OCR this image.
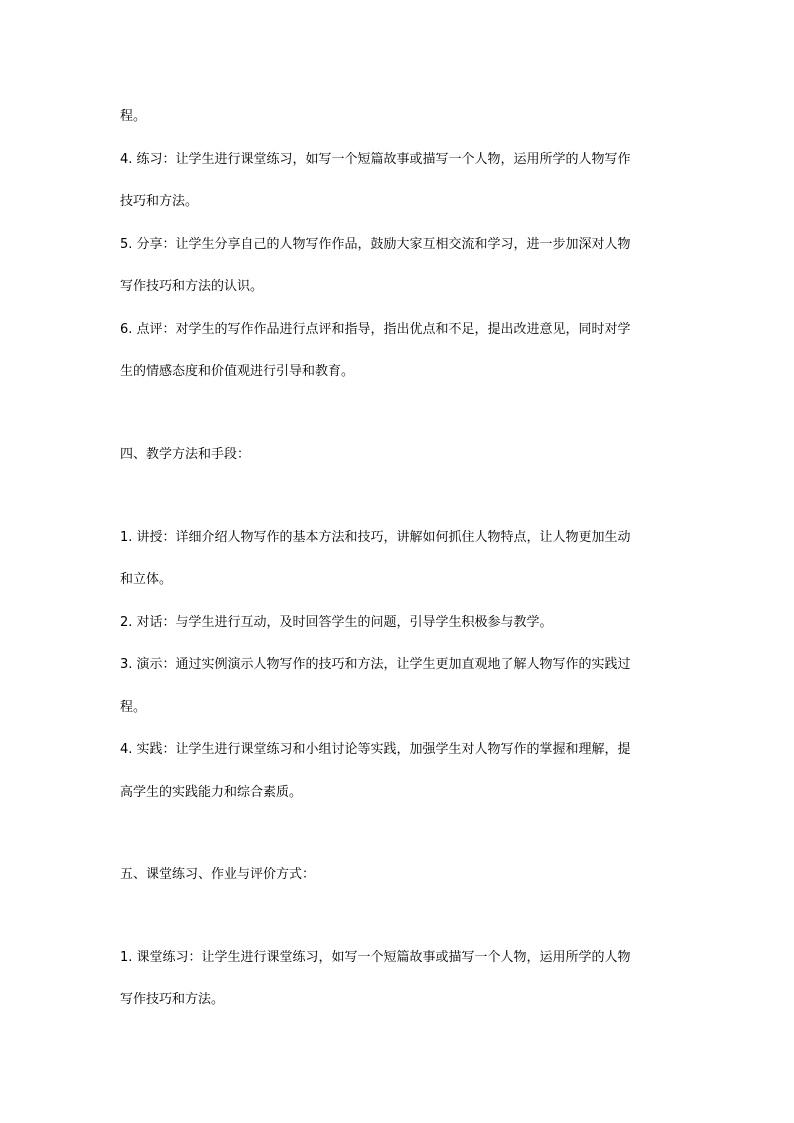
程。
4. 练习：让学生进行课堂练习，如写一个短篇故事或描写一个人物，运用所学的人物写作
技巧和方法。
5. 分享：让学生分享自己的人物写作作品，鼓励大家互相交流和学习，进一步加深对人物
写作技巧和方法的认识。
6. 点评：对学生的写作作品进行点评和指导，指出优点和不足，提出改进意见，同时对学
生的情感态度和价值观进行引导和教育。
四、教学方法和手段：
1. 讲授：详细介绍人物写作的基本方法和技巧，讲解如何抓住人物特点，让人物更加生动
和立体。
2. 对话：与学生进行互动，及时回答学生的问题，引导学生积极参与教学。
3. 演示：通过实例演示人物写作的技巧和方法，让学生更加直观地了解人物写作的实践过
程。
4. 实践：让学生进行课堂练习和小组讨论等实践，加强学生对人物写作的掌握和理解，提
高学生的实践能力和综合素质。
五、课堂练习、作业与评价方式：
1. 课堂练习：让学生进行课堂练习，如写一个短篇故事或描写一个人物，运用所学的人物
写作技巧和方法。
